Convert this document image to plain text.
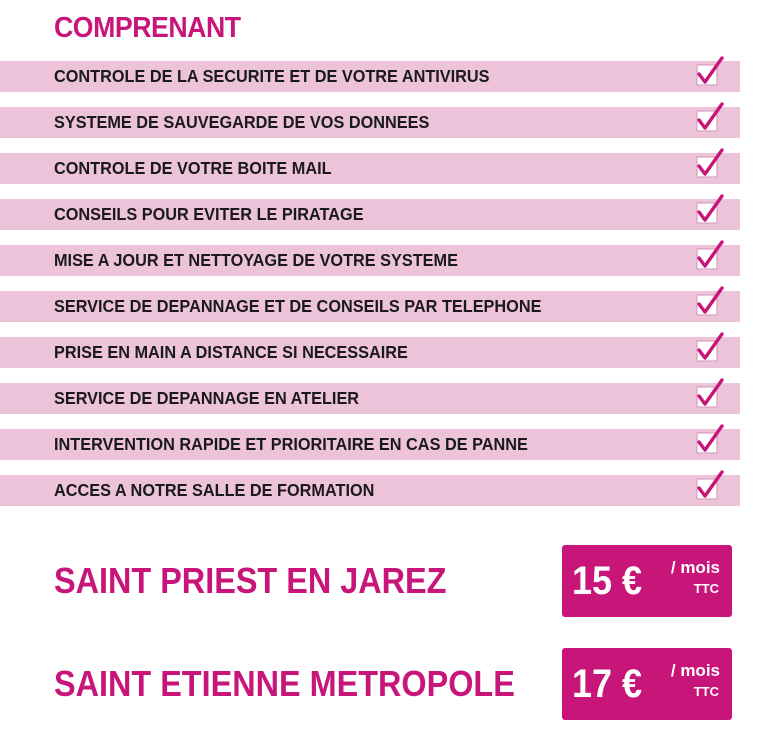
COMPRENANT
CONTROLE DE LA SECURITE ET DE VOTRE ANTIVIRUS
SYSTEME DE SAUVEGARDE DE VOS DONNEES
CONTROLE DE VOTRE BOITE MAIL
CONSEILS POUR EVITER LE PIRATAGE
MISE A JOUR ET NETTOYAGE DE VOTRE SYSTEME
SERVICE DE DEPANNAGE ET DE CONSEILS PAR TELEPHONE
PRISE EN MAIN A DISTANCE SI NECESSAIRE
SERVICE DE DEPANNAGE EN ATELIER
INTERVENTION RAPIDE ET PRIORITAIRE EN CAS DE PANNE
ACCES A NOTRE SALLE DE FORMATION
SAINT PRIEST EN JAREZ	15 € / mois
TTC
SAINT ETIENNE METROPOLE 17 € / mois
TTC
